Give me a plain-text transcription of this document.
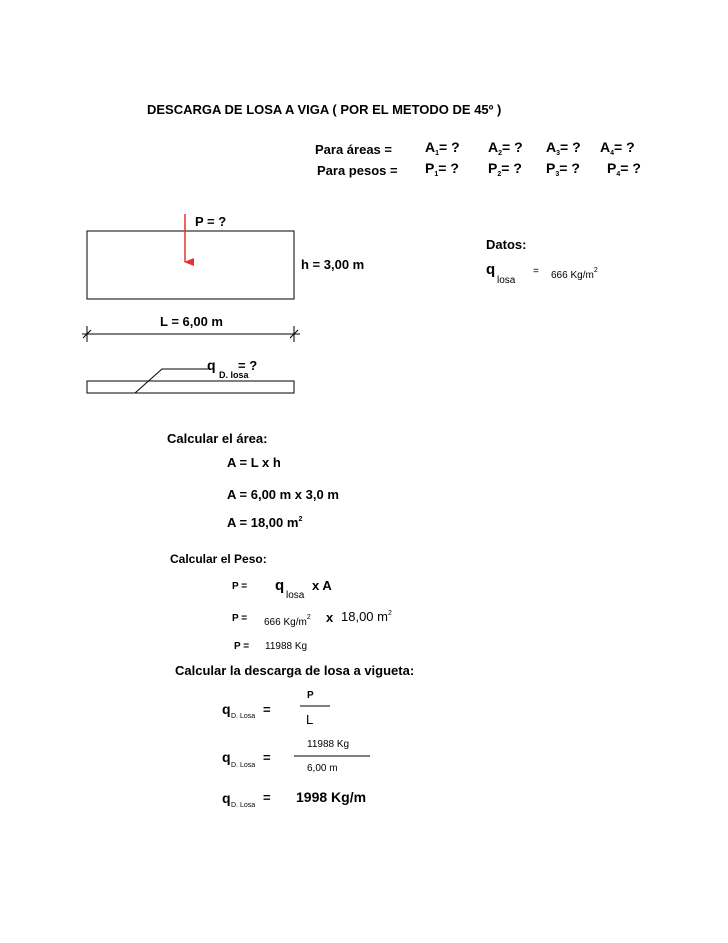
DESCARGA DE LOSA A VIGA ( POR EL METODO DE 45º )
Para áreas = $A_1=$ ? $A_2=$ ? $A_3=$ ? $A_4=$ ?
Para pesos = $P_1=$ ? $P_2=$ ? $P_3=$ ? $P_4=$ ?
P = ?
h = 3,00 m
L = 6,00 m
q = ?
D. losa
Datos:
q
losa
= 666 $Kg/m^2$
Calcular el área:
A = L x h
A = 6,00 m x 3,0 m
A = 18,00 $m^2$
Calcular el Peso:
P = q
losa
x A
P = 666 $Kg/m^2$ x 18,00 $m^2$
P = 11988 Kg
Calcular la descarga de losa a vigueta:
q D. Losa =
P
L
11988 Kg
q
D. Losa
=
6,00 m
q D. Losa
= 1998 Kg/m
